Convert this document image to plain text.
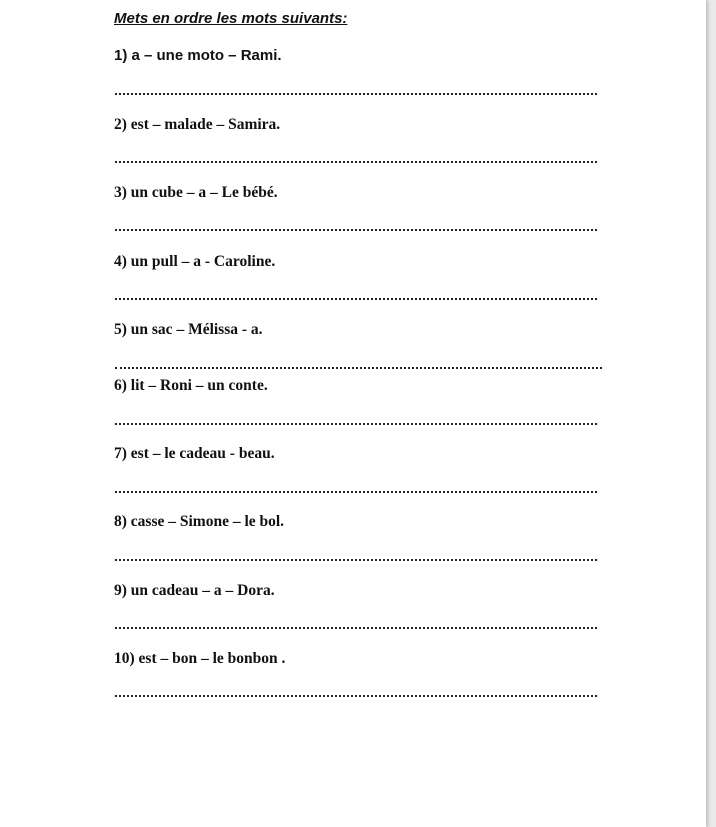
Mets en ordre les mots suivants:
1) a – une moto – Rami.
2) est – malade – Samira.
3) un cube – a – Le bébé.
4) un pull – a - Caroline.
5) un sac – Mélissa - a.
6) lit – Roni – un conte.
7) est – le cadeau - beau.
8) casse – Simone – le bol.
9) un cadeau – a – Dora.
10) est – bon – le bonbon .
